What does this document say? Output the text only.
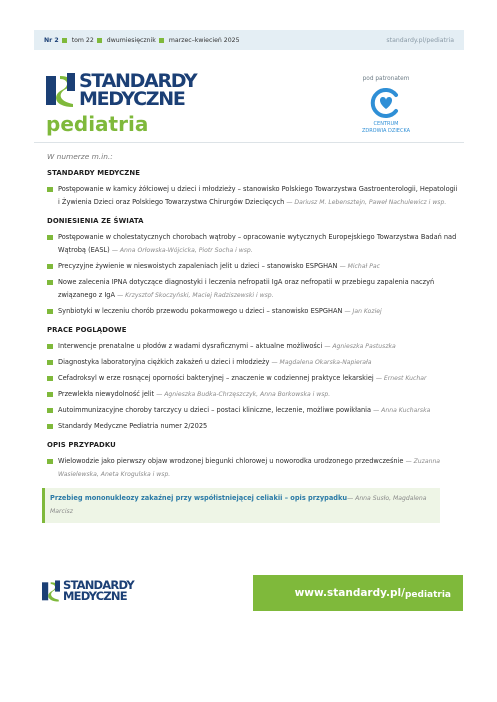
Nr 2 tom 22 dwumiesięcznik marzec–kwiecień 2025	standardy.pl/pediatria
STANDARDY
MEDYCZNE
pediatria
pod patronatem
CENTRUM
ZDROWIA DZIECKA
W numerze m.in.:
STANDARDY MEDYCZNE
Postępowanie w kamicy żółciowej u dzieci i młodzieży – stanowisko Polskiego Towarzystwa Gastroenterologii, Hepatologii i Żywienia Dzieci oraz Polskiego Towarzystwa Chirurgów Dziecięcych — Dariusz M. Lebensztejn, Paweł Nachulewicz i wsp.
DONIESIENIA ZE ŚWIATA
Postępowanie w cholestatycznych chorobach wątroby – opracowanie wytycznych Europejskiego Towarzystwa Badań nad Wątrobą (EASL) — Anna Orłowska-Wójcicka, Piotr Socha i wsp.
Precyzyjne żywienie w nieswoistych zapaleniach jelit u dzieci – stanowisko ESPGHAN — Michał Pac
Nowe zalecenia IPNA dotyczące diagnostyki i leczenia nefropatii IgA oraz nefropatii w przebiegu zapalenia naczyń związanego z IgA — Krzysztof Skoczyński, Maciej Radziszewski i wsp.
Synbiotyki w leczeniu chorób przewodu pokarmowego u dzieci – stanowisko ESPGHAN — Jan Koziej
PRACE POGLĄDOWE
Interwencje prenatalne u płodów z wadami dysraficznymi – aktualne możliwości — Agnieszka Pastuszka
Diagnostyka laboratoryjna ciężkich zakażeń u dzieci i młodzieży — Magdalena Okarska-Napierała
Cefadroksyl w erze rosnącej oporności bakteryjnej – znaczenie w codziennej praktyce lekarskiej — Ernest Kuchar
Przewlekła niewydolność jelit — Agnieszka Budka-Chrzęszczyk, Anna Borkowska i wsp.
Autoimmunizacyjne choroby tarczycy u dzieci – postaci kliniczne, leczenie, możliwe powikłania — Anna Kucharska
Standardy Medyczne Pediatria numer 2/2025
OPIS PRZYPADKU
Wielowodzie jako pierwszy objaw wrodzonej biegunki chlorowej u noworodka urodzonego przedwcześnie — Zuzanna Wasielewska, Aneta Krogulska i wsp.
Przebieg mononukleozy zakaźnej przy współistniejącej celiakii – opis przypadku— Anna Susło, Magdalena Marcisz
STANDARDY
MEDYCZNE	www.standardy.pl/ pediatria
